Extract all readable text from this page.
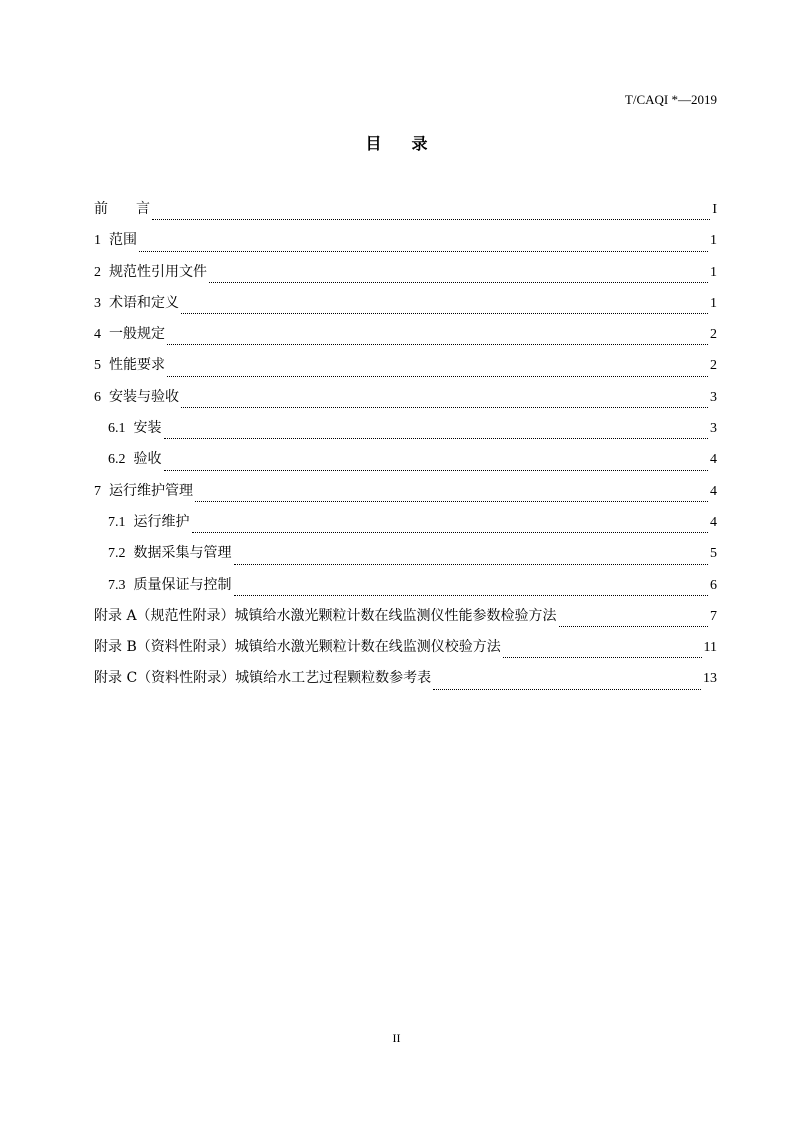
T/CAQI *—2019
目 录
前　　言	I
1 范围	1
2 规范性引用文件	1
3 术语和定义	1
4 一般规定	2
5 性能要求	2
6 安装与验收	3
6.1 安装	3
6.2 验收	4
7 运行维护管理	4
7.1 运行维护	4
7.2 数据采集与管理	5
7.3 质量保证与控制	6
附录 A（规范性附录）城镇给水激光颗粒计数在线监测仪性能参数检验方法	7
附录 B（资料性附录）城镇给水激光颗粒计数在线监测仪校验方法	11
附录 C（资料性附录）城镇给水工艺过程颗粒数参考表	13
II
